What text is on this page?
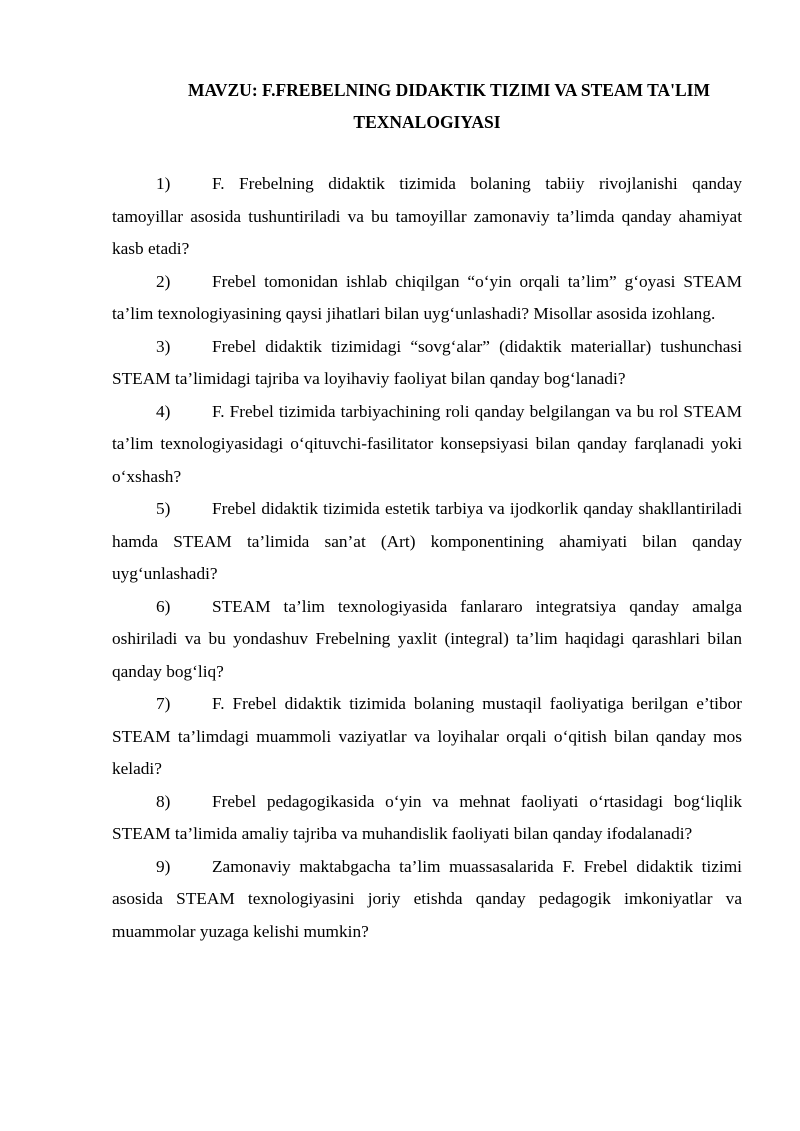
MAVZU: F.FREBELNING DIDAKTIK TIZIMI VA STEAM TA'LIM
TEXNALOGIYASI
1) F. Frebelning didaktik tizimida bolaning tabiiy rivojlanishi qanday tamoyillar asosida tushuntiriladi va bu tamoyillar zamonaviy ta’limda qanday ahamiyat kasb etadi?
2) Frebel tomonidan ishlab chiqilgan “o‘yin orqali ta’lim” g‘oyasi STEAM ta’lim texnologiyasining qaysi jihatlari bilan uyg‘unlashadi? Misollar asosida izohlang.
3) Frebel didaktik tizimidagi “sovg‘alar” (didaktik materiallar) tushunchasi STEAM ta’limidagi tajriba va loyihaviy faoliyat bilan qanday bog‘lanadi?
4) F. Frebel tizimida tarbiyachining roli qanday belgilangan va bu rol STEAM ta’lim texnologiyasidagi o‘qituvchi-fasilitator konsepsiyasi bilan qanday farqlanadi yoki o‘xshash?
5) Frebel didaktik tizimida estetik tarbiya va ijodkorlik qanday shakllantiriladi hamda STEAM ta’limida san’at (Art) komponentining ahamiyati bilan qanday uyg‘unlashadi?
6) STEAM ta’lim texnologiyasida fanlararo integratsiya qanday amalga oshiriladi va bu yondashuv Frebelning yaxlit (integral) ta’lim haqidagi qarashlari bilan qanday bog‘liq?
7) F. Frebel didaktik tizimida bolaning mustaqil faoliyatiga berilgan e’tibor STEAM ta’limdagi muammoli vaziyatlar va loyihalar orqali o‘qitish bilan qanday mos keladi?
8) Frebel pedagogikasida o‘yin va mehnat faoliyati o‘rtasidagi bog‘liqlik STEAM ta’limida amaliy tajriba va muhandislik faoliyati bilan qanday ifodalanadi?
9) Zamonaviy maktabgacha ta’lim muassasalarida F. Frebel didaktik tizimi asosida STEAM texnologiyasini joriy etishda qanday pedagogik imkoniyatlar va muammolar yuzaga kelishi mumkin?
